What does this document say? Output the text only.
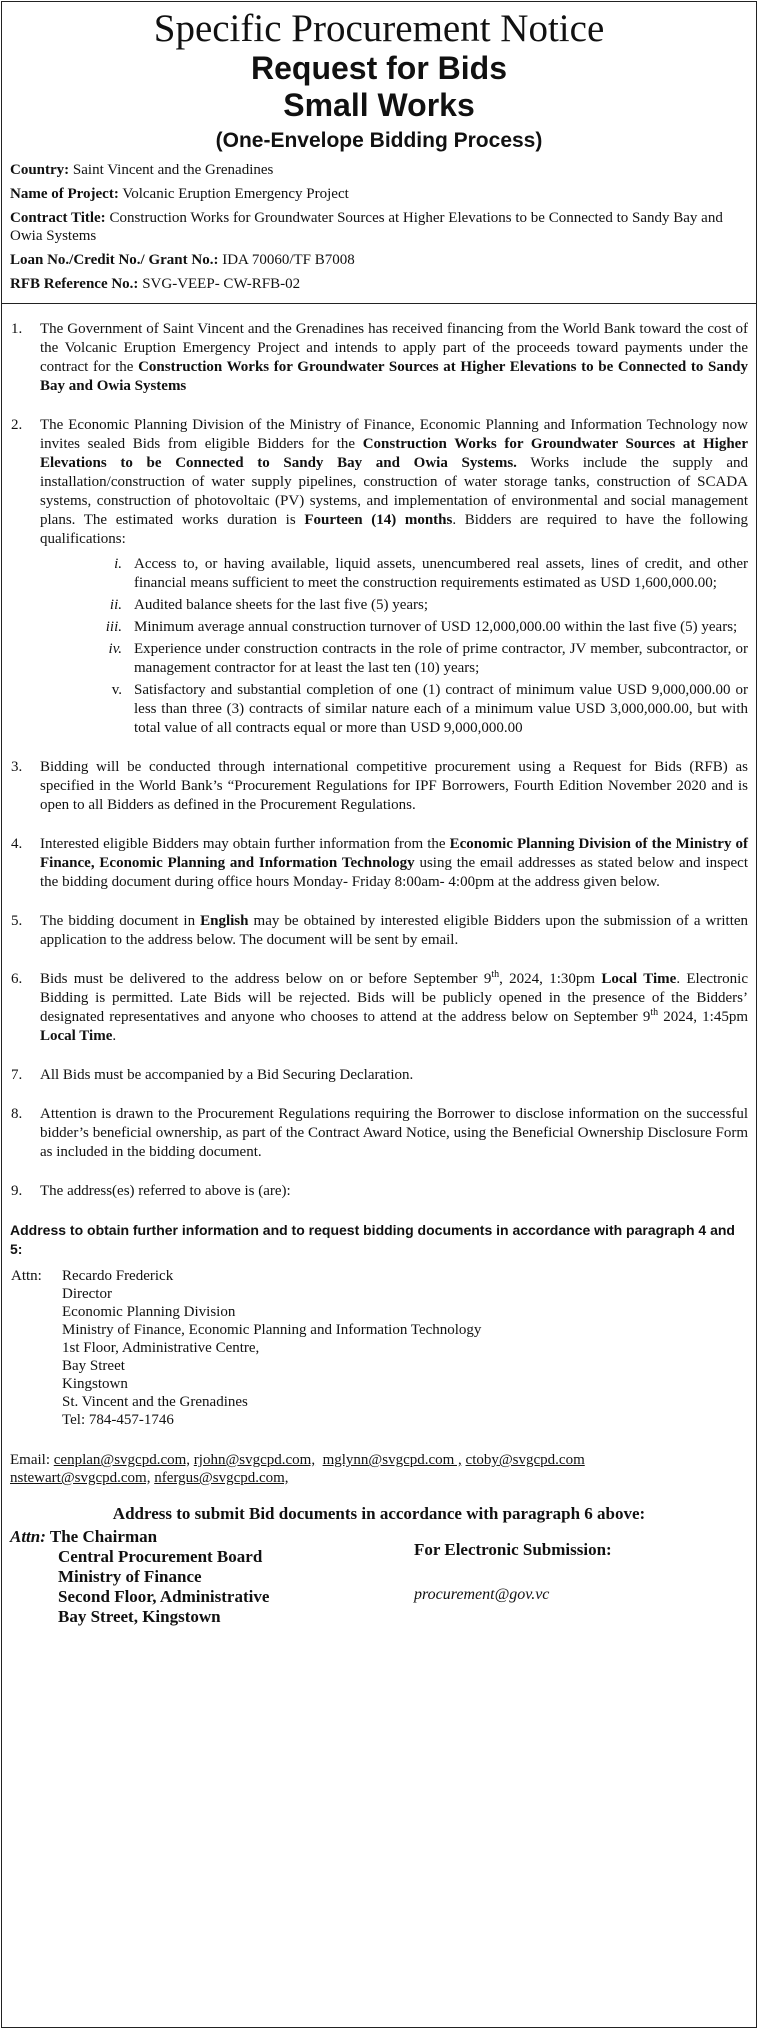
Specific Procurement Notice
Request for Bids
Small Works
(One-Envelope Bidding Process)

Country: Saint Vincent and the Grenadines

Name of Project: Volcanic Eruption Emergency Project

Contract Title: Construction Works for Groundwater Sources at Higher Elevations to be Connected to Sandy Bay and Owia Systems

Loan No./Credit No./ Grant No.: IDA 70060/TF B7008

RFB Reference No.: SVG-VEEP- CW-RFB-02

1. The Government of Saint Vincent and the Grenadines has received financing from the World Bank toward the cost of the Volcanic Eruption Emergency Project and intends to apply part of the proceeds toward payments under the contract for the Construction Works for Groundwater Sources at Higher Elevations to be Connected to Sandy Bay and Owia Systems
2. The Economic Planning Division of the Ministry of Finance, Economic Planning and Information Technology now invites sealed Bids from eligible Bidders for the Construction Works for Groundwater Sources at Higher Elevations to be Connected to Sandy Bay and Owia Systems. Works include the supply and installation/construction of water supply pipelines, construction of water storage tanks, construction of SCADA systems, construction of photovoltaic (PV) systems, and implementation of environmental and social management plans. The estimated works duration is Fourteen (14) months. Bidders are required to have the following qualifications:
i. Access to, or having available, liquid assets, unencumbered real assets, lines of credit, and other financial means sufficient to meet the construction requirements estimated as USD 1,600,000.00;
ii. Audited balance sheets for the last five (5) years;
iii. Minimum average annual construction turnover of USD 12,000,000.00 within the last five (5) years;
iv. Experience under construction contracts in the role of prime contractor, JV member, subcontractor, or management contractor for at least the last ten (10) years;
v. Satisfactory and substantial completion of one (1) contract of minimum value USD 9,000,000.00 or less than three (3) contracts of similar nature each of a minimum value USD 3,000,000.00, but with total value of all contracts equal or more than USD 9,000,000.00
3. Bidding will be conducted through international competitive procurement using a Request for Bids (RFB) as specified in the World Bank’s “Procurement Regulations for IPF Borrowers, Fourth Edition November 2020 and is open to all Bidders as defined in the Procurement Regulations.
4. Interested eligible Bidders may obtain further information from the Economic Planning Division of the Ministry of Finance, Economic Planning and Information Technology using the email addresses as stated below and inspect the bidding document during office hours Monday- Friday 8:00am- 4:00pm at the address given below.
5. The bidding document in English may be obtained by interested eligible Bidders upon the submission of a written application to the address below. The document will be sent by email.
6. Bids must be delivered to the address below on or before September 9th, 2024, 1:30pm Local Time. Electronic Bidding is permitted. Late Bids will be rejected. Bids will be publicly opened in the presence of the Bidders’ designated representatives and anyone who chooses to attend at the address below on September 9th 2024, 1:45pm Local Time.
7. All Bids must be accompanied by a Bid Securing Declaration.
8. Attention is drawn to the Procurement Regulations requiring the Borrower to disclose information on the successful bidder’s beneficial ownership, as part of the Contract Award Notice, using the Beneficial Ownership Disclosure Form as included in the bidding document.
9. The address(es) referred to above is (are):
Address to obtain further information and to request bidding documents in accordance with paragraph 4 and 5:
Attn: Recardo Frederick
Director
Economic Planning Division
Ministry of Finance, Economic Planning and Information Technology
1st Floor, Administrative Centre,
Bay Street
Kingstown
St. Vincent and the Grenadines
Tel: 784-457-1746
Email: cenplan@svgcpd.com, rjohn@svgcpd.com, mglynn@svgcpd.com , ctoby@svgcpd.com
nstewart@svgcpd.com, nfergus@svgcpd.com,
Address to submit Bid documents in accordance with paragraph 6 above:
Attn: The Chairman
Central Procurement Board
Ministry of Finance
Second Floor, Administrative
Bay Street, Kingstown
For Electronic Submission:
procurement@gov.vc
